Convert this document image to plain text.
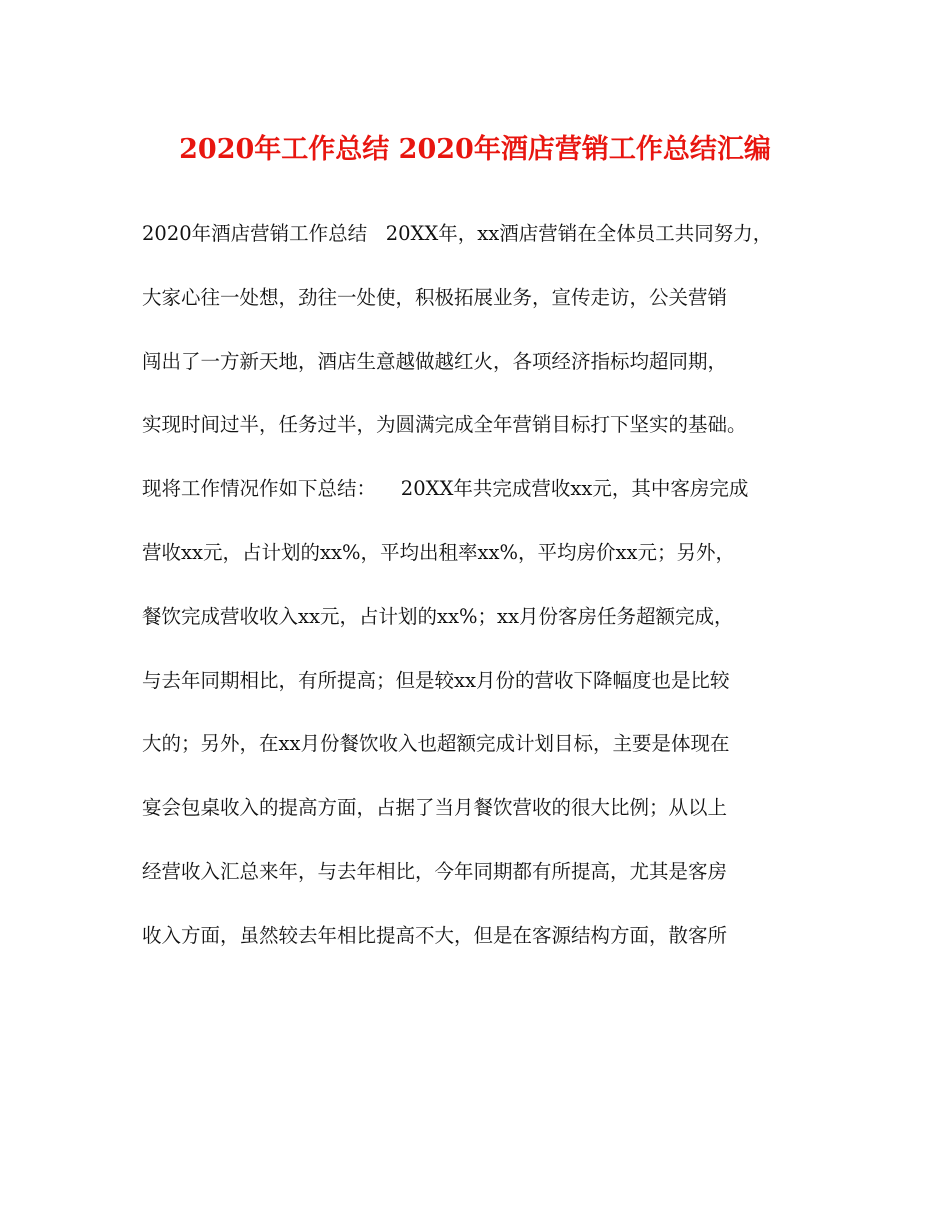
2020年工作总结 2020年酒店营销工作总结汇编
2020年酒店营销工作总结   20XX年，xx酒店营销在全体员工共同努力，
大家心往一处想，劲往一处使，积极拓展业务，宣传走访，公关营销
闯出了一方新天地，酒店生意越做越红火，各项经济指标均超同期，
实现时间过半，任务过半，为圆满完成全年营销目标打下坚实的基础。
现将工作情况作如下总结：    20XX年共完成营收xx元，其中客房完成
营收xx元，占计划的xx%，平均出租率xx%，平均房价xx元；另外，
餐饮完成营收收入xx元，占计划的xx%；xx月份客房任务超额完成，
与去年同期相比，有所提高；但是较xx月份的营收下降幅度也是比较
大的；另外，在xx月份餐饮收入也超额完成计划目标，主要是体现在
宴会包桌收入的提高方面，占据了当月餐饮营收的很大比例；从以上
经营收入汇总来年，与去年相比，今年同期都有所提高，尤其是客房
收入方面，虽然较去年相比提高不大，但是在客源结构方面，散客所
